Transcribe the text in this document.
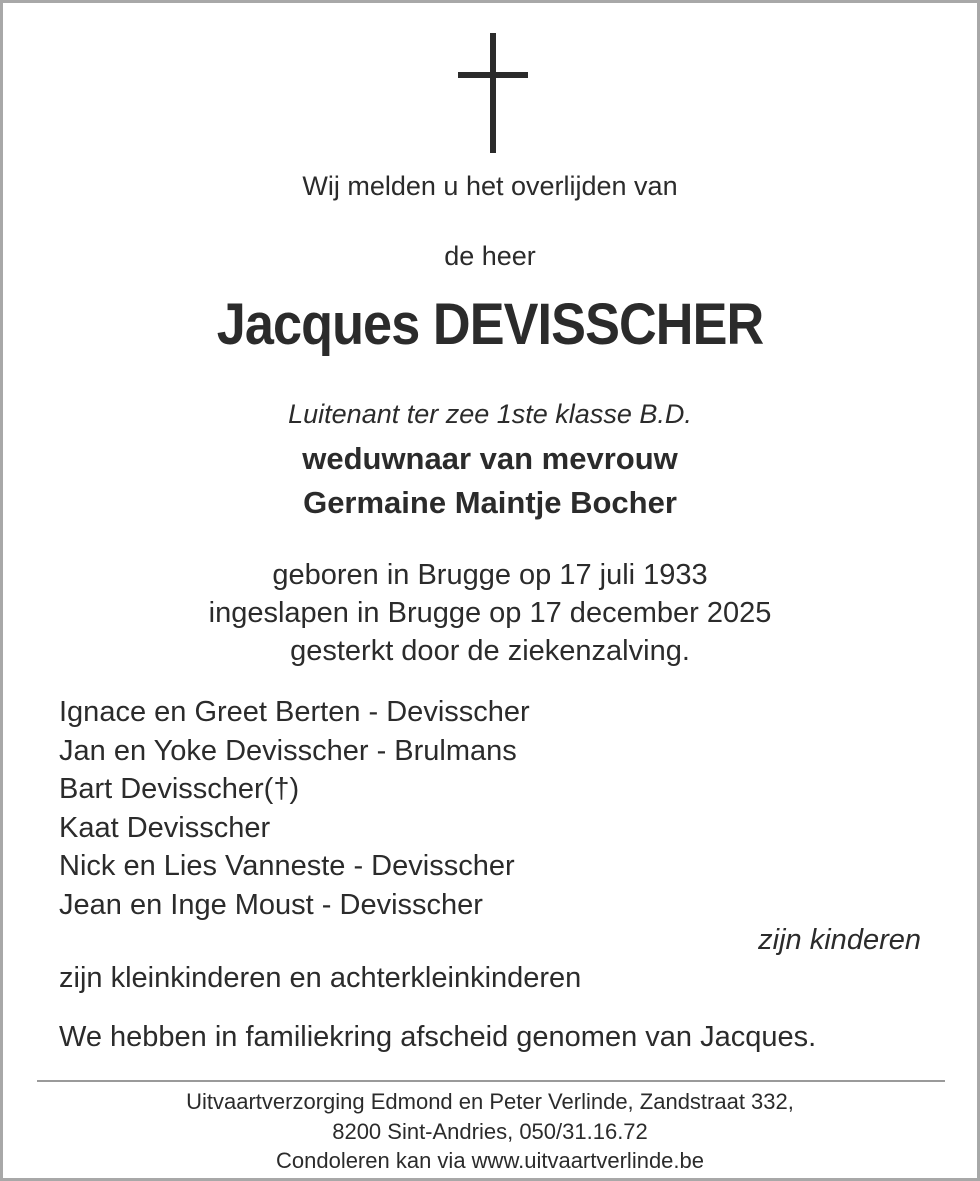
Wij melden u het overlijden van
de heer
Jacques DEVISSCHER
Luitenant ter zee 1ste klasse B.D.
weduwnaar van mevrouw
Germaine Maintje Bocher
geboren in Brugge op 17 juli 1933
ingeslapen in Brugge op 17 december 2025
gesterkt door de ziekenzalving.
Ignace en Greet Berten - Devisscher
Jan en Yoke Devisscher - Brulmans
Bart Devisscher(†)
Kaat Devisscher
Nick en Lies Vanneste - Devisscher
Jean en Inge Moust - Devisscher
zijn kinderen
zijn kleinkinderen en achterkleinkinderen
We hebben in familiekring afscheid genomen van Jacques.
Uitvaartverzorging Edmond en Peter Verlinde, Zandstraat 332,
8200 Sint-Andries, 050/31.16.72
Condoleren kan via www.uitvaartverlinde.be
